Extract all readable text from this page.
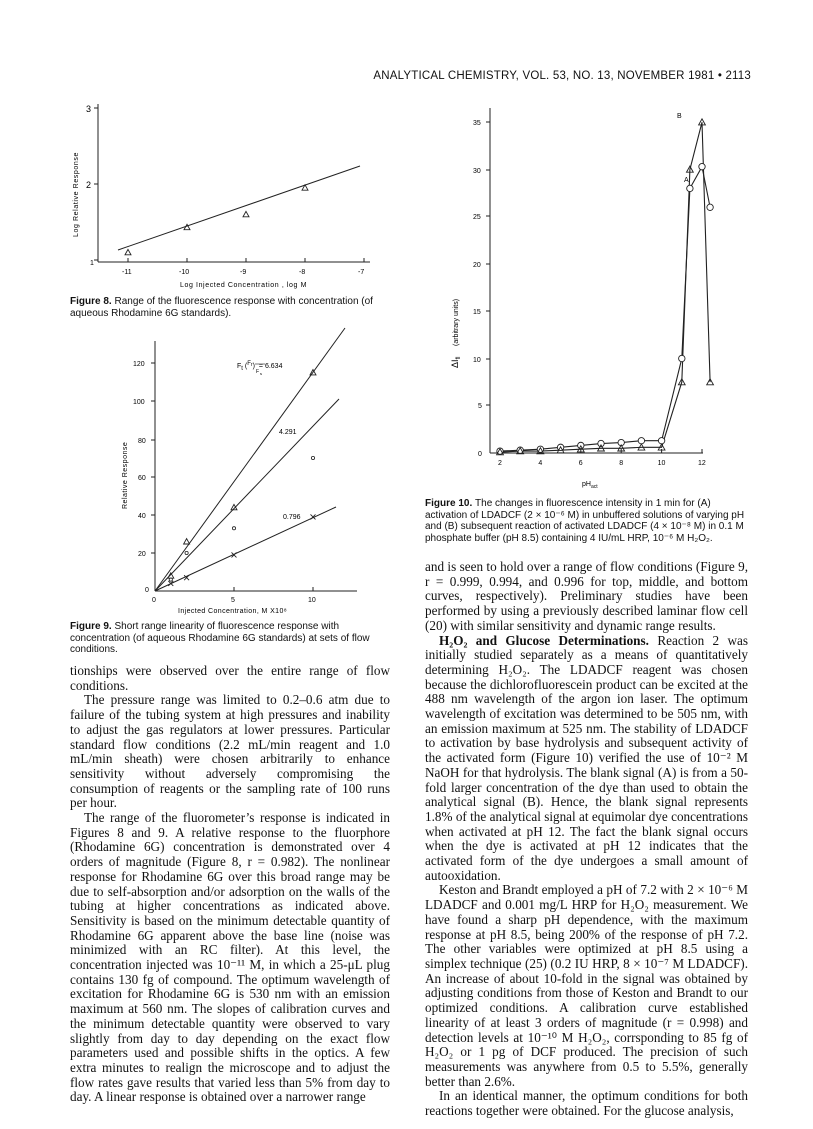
ANALYTICAL CHEMISTRY, VOL. 53, NO. 13, NOVEMBER 1981 • 2113
3
2
1
-11	-10	-9	-8	-7
Log Injected Concentration , log M
Log Relative Response
Figure 8. Range of the fluorescence response with concentration (of aqueous Rhodamine 6G standards).
120
100
80
60
40
20
0
0	5	10
Injected Concentration, M X10⁸
Relative Response
Ft (Fr) = 6.634
F s
4.291
0.796
Figure 9. Short range linearity of fluorescence response with concentration (of aqueous Rhodamine 6G standards) at sets of flow conditions.
2	4	6	8	10	12
35
30
25
20
15
10
5
0
$pH_{act}$
$\Delta I_{fl}$
(arbitrary units)
B
A
Figure 10. The changes in fluorescence intensity in 1 min for (A) activation of LDADCF (2 × 10⁻⁶ M) in unbuffered solutions of varying pH and (B) subsequent reaction of activated LDADCF (4 × 10⁻⁸ M) in 0.1 M phosphate buffer (pH 8.5) containing 4 IU/mL HRP, 10⁻⁶ M H₂O₂.

tionships were observed over the entire range of flow conditions.

The pressure range was limited to 0.2–0.6 atm due to failure of the tubing system at high pressures and inability to adjust the gas regulators at lower pressures. Particular standard flow conditions (2.2 mL/min reagent and 1.0 mL/min sheath) were chosen arbitrarily to enhance sensitivity without adversely compromising the consumption of reagents or the sampling rate of 100 runs per hour.

The range of the fluorometer’s response is indicated in Figures 8 and 9. A relative response to the fluorphore (Rhodamine 6G) concentration is demonstrated over 4 orders of magnitude (Figure 8, r = 0.982). The nonlinear response for Rhodamine 6G over this broad range may be due to self-absorption and/or adsorption on the walls of the tubing at higher concentrations as indicated above. Sensitivity is based on the minimum detectable quantity of Rhodamine 6G apparent above the base line (noise was minimized with an RC filter). At this level, the concentration injected was 10⁻¹¹ M, in which a 25-μL plug contains 130 fg of compound. The optimum wavelength of excitation for Rhodamine 6G is 530 nm with an emission maximum at 560 nm. The slopes of calibration curves and the minimum detectable quantity were observed to vary slightly from day to day depending on the exact flow parameters used and possible shifts in the optics. A few extra minutes to realign the microscope and to adjust the flow rates gave results that varied less than 5% from day to day. A linear response is obtained over a narrower range

and is seen to hold over a range of flow conditions (Figure 9, r = 0.999, 0.994, and 0.996 for top, middle, and bottom curves, respectively). Preliminary studies have been performed by using a previously described laminar flow cell (20) with similar sensitivity and dynamic range results.

H₂O₂ and Glucose Determinations. Reaction 2 was initially studied separately as a means of quantitatively determining H₂O₂. The LDADCF reagent was chosen because the dichlorofluorescein product can be excited at the 488 nm wavelength of the argon ion laser. The optimum wavelength of excitation was determined to be 505 nm, with an emission maximum at 525 nm. The stability of LDADCF to activation by base hydrolysis and subsequent activity of the activated form (Figure 10) verified the use of 10⁻² M NaOH for that hydrolysis. The blank signal (A) is from a 50-fold larger concentration of the dye than used to obtain the analytical signal (B). Hence, the blank signal represents 1.8% of the analytical signal at equimolar dye concentrations when activated at pH 12. The fact the blank signal occurs when the dye is activated at pH 12 indicates that the activated form of the dye undergoes a small amount of autooxidation.

Keston and Brandt employed a pH of 7.2 with 2 × 10⁻⁶ M LDADCF and 0.001 mg/L HRP for H₂O₂ measurement. We have found a sharp pH dependence, with the maximum response at pH 8.5, being 200% of the response of pH 7.2. The other variables were optimized at pH 8.5 using a simplex technique (25) (0.2 IU HRP, 8 × 10⁻⁷ M LDADCF). An increase of about 10-fold in the signal was obtained by adjusting conditions from those of Keston and Brandt to our optimized conditions. A calibration curve established linearity of at least 3 orders of magnitude (r = 0.998) and detection levels at 10⁻¹⁰ M H₂O₂, corrsponding to 85 fg of H₂O₂ or 1 pg of DCF produced. The precision of such measurements was anywhere from 0.5 to 5.5%, generally better than 2.6%.

In an identical manner, the optimum conditions for both reactions together were obtained. For the glucose analysis,
